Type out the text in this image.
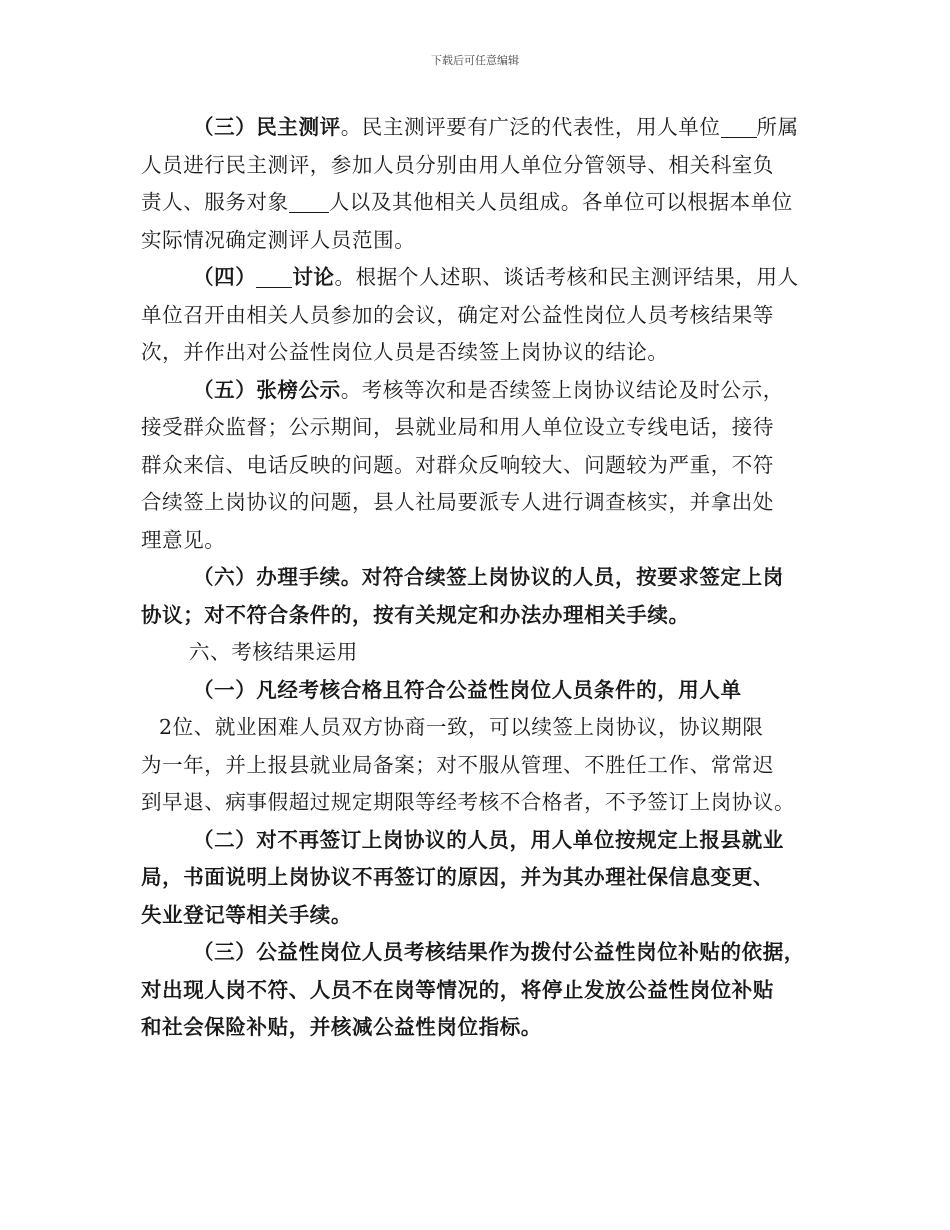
下载后可任意编辑
（三）民主测评。民主测评要有广泛的代表性，用人单位 所属
人员进行民主测评，参加人员分别由用人单位分管领导、相关科室负
责人、服务对象 人以及其他相关人员组成。各单位可以根据本单位
实际情况确定测评人员范围。
（四） 讨论。根据个人述职、谈话考核和民主测评结果，用人
单位召开由相关人员参加的会议，确定对公益性岗位人员考核结果等
次，并作出对公益性岗位人员是否续签上岗协议的结论。
（五）张榜公示。考核等次和是否续签上岗协议结论及时公示，
接受群众监督；公示期间，县就业局和用人单位设立专线电话，接待
群众来信、电话反映的问题。对群众反响较大、问题较为严重，不符
合续签上岗协议的问题，县人社局要派专人进行调查核实，并拿出处
理意见。
（六）办理手续。对符合续签上岗协议的人员，按要求签定上岗
协议；对不符合条件的，按有关规定和办法办理相关手续。
六、考核结果运用
（一）凡经考核合格且符合公益性岗位人员条件的，用人单
2位、就业困难人员双方协商一致，可以续签上岗协议，协议期限
为一年，并上报县就业局备案；对不服从管理、不胜任工作、常常迟
到早退、病事假超过规定期限等经考核不合格者，不予签订上岗协议。
（二）对不再签订上岗协议的人员，用人单位按规定上报县就业
局，书面说明上岗协议不再签订的原因，并为其办理社保信息变更、
失业登记等相关手续。
（三）公益性岗位人员考核结果作为拨付公益性岗位补贴的依据，
对出现人岗不符、人员不在岗等情况的，将停止发放公益性岗位补贴
和社会保险补贴，并核减公益性岗位指标。
